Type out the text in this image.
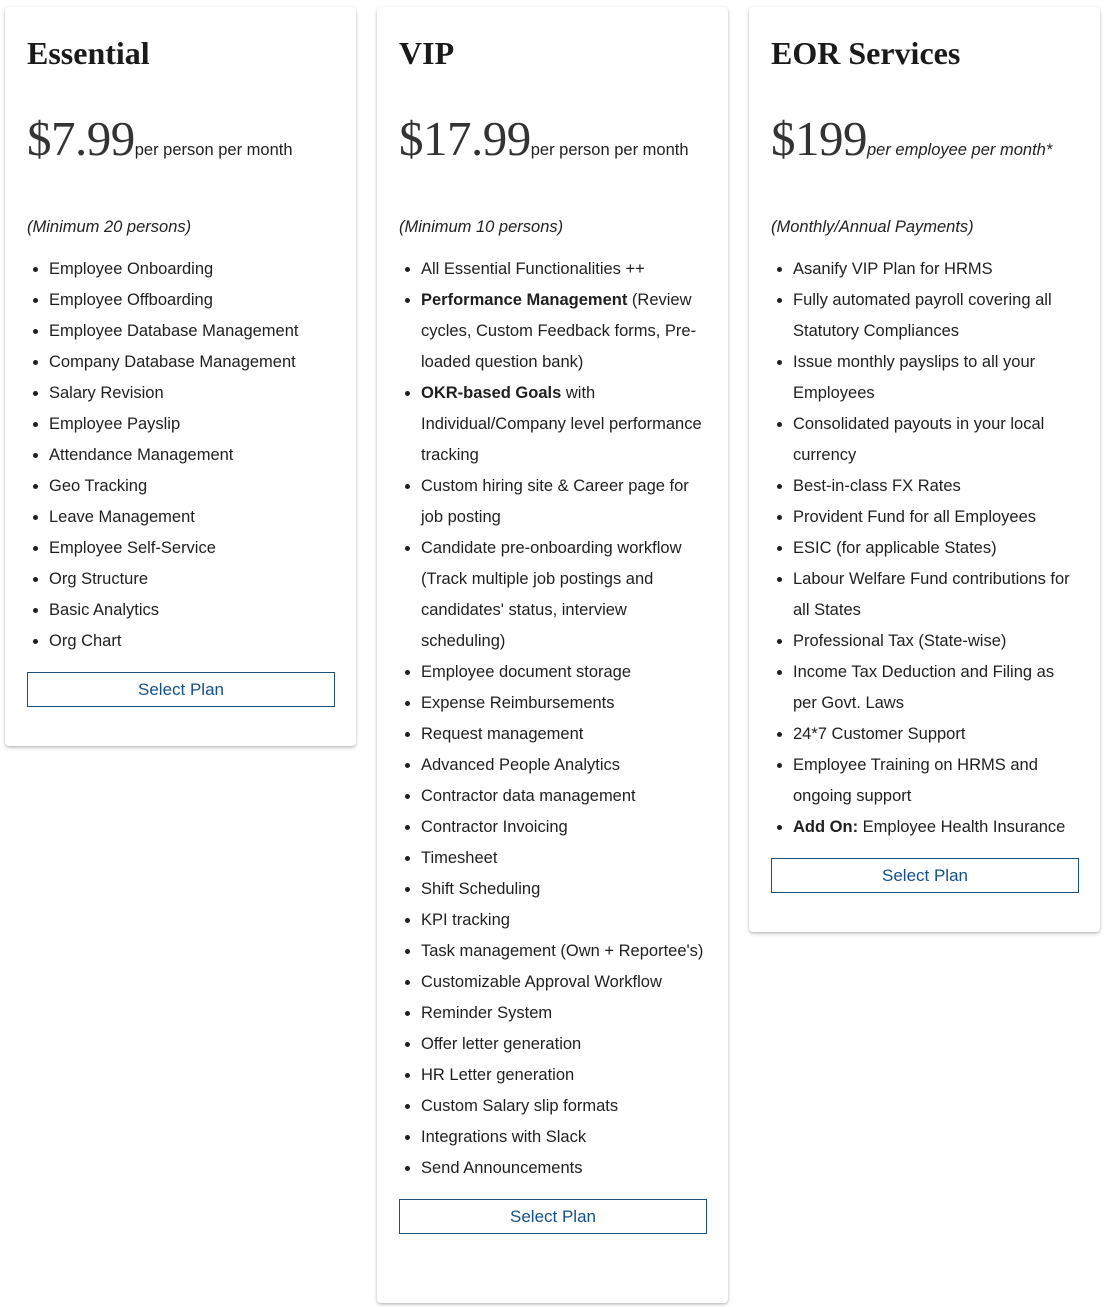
Essential
$7.99per person per month
(Minimum 20 persons)
Employee Onboarding
Employee Offboarding
Employee Database Management
Company Database Management
Salary Revision
Employee Payslip
Attendance Management
Geo Tracking
Leave Management
Employee Self-Service
Org Structure
Basic Analytics
Org Chart
Select Plan
VIP
$17.99per person per month
(Minimum 10 persons)
All Essential Functionalities ++
Performance Management (Review cycles, Custom Feedback forms, Pre-loaded question bank)
OKR-based Goals with Individual/Company level performance tracking
Custom hiring site & Career page for job posting
Candidate pre-onboarding workflow (Track multiple job postings and candidates' status, interview scheduling)
Employee document storage
Expense Reimbursements
Request management
Advanced People Analytics
Contractor data management
Contractor Invoicing
Timesheet
Shift Scheduling
KPI tracking
Task management (Own + Reportee's)
Customizable Approval Workflow
Reminder System
Offer letter generation
HR Letter generation
Custom Salary slip formats
Integrations with Slack
Send Announcements
Select Plan
EOR Services
$199per employee per month*
(Monthly/Annual Payments)
Asanify VIP Plan for HRMS
Fully automated payroll covering all Statutory Compliances
Issue monthly payslips to all your Employees
Consolidated payouts in your local currency
Best-in-class FX Rates
Provident Fund for all Employees
ESIC (for applicable States)
Labour Welfare Fund contributions for all States
Professional Tax (State-wise)
Income Tax Deduction and Filing as per Govt. Laws
24*7 Customer Support
Employee Training on HRMS and ongoing support
Add On: Employee Health Insurance
Select Plan
